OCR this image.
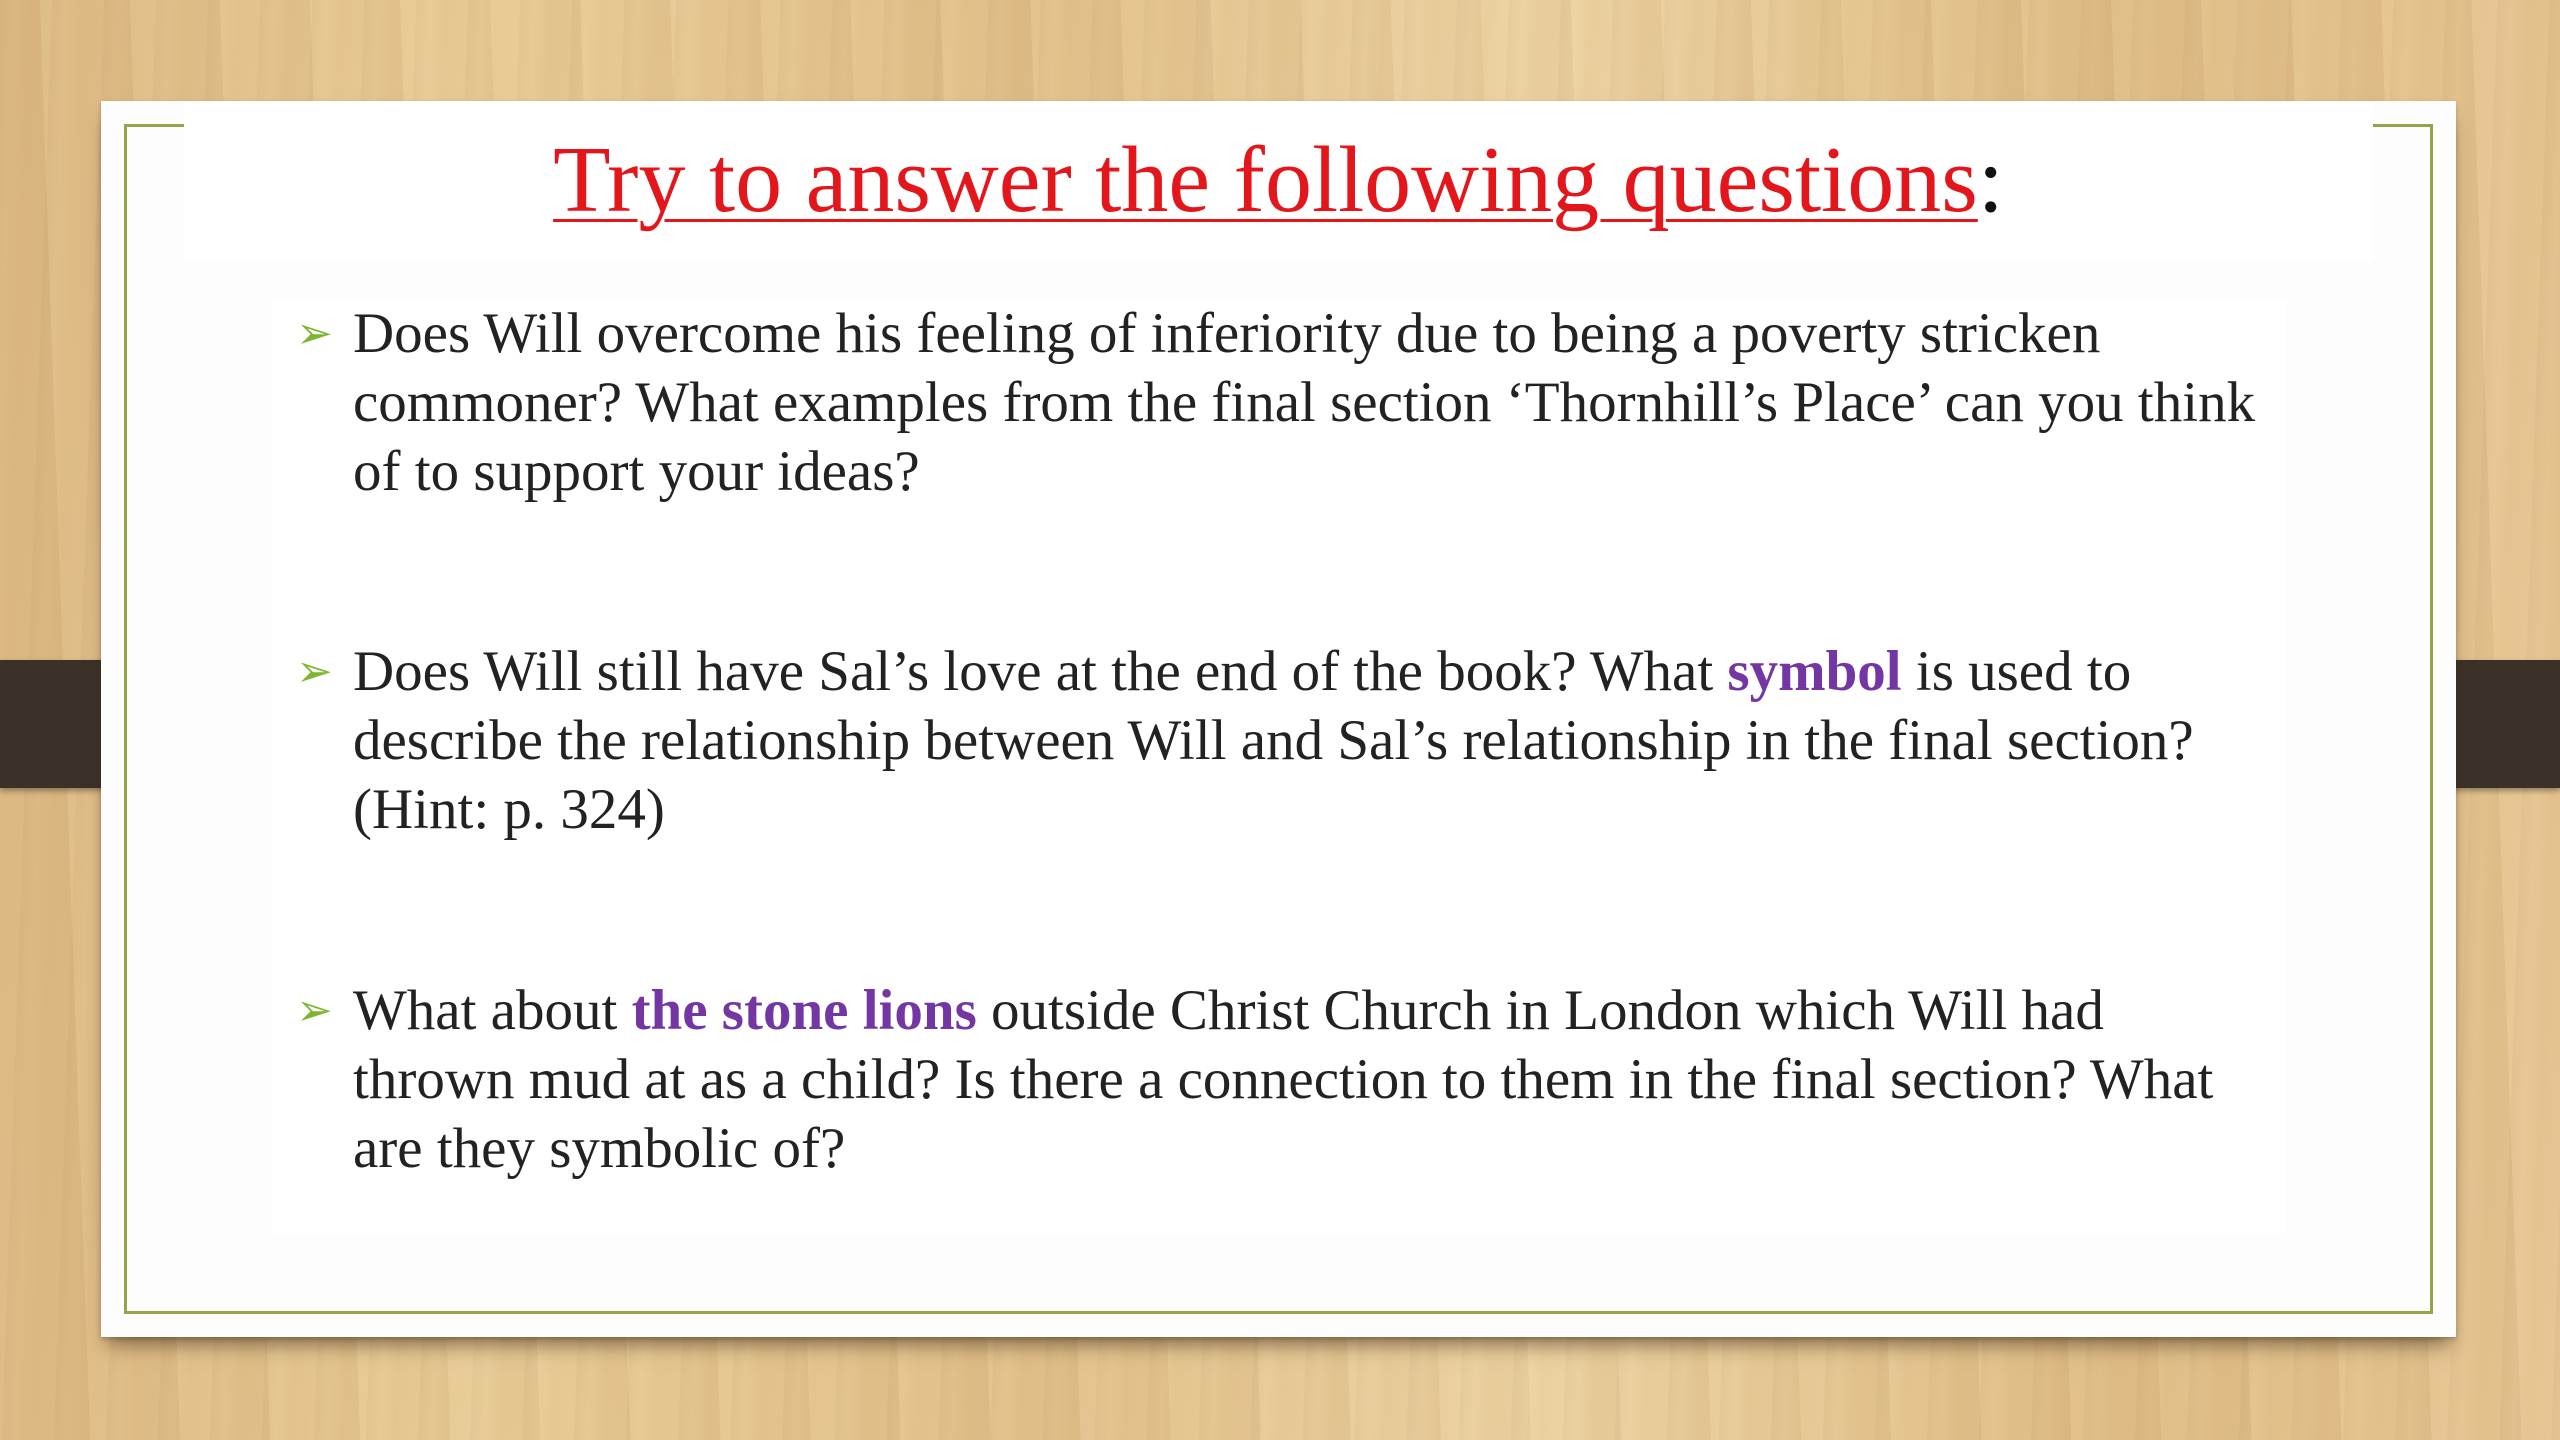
Try to answer the following questions:
➢ Does Will overcome his feeling of inferiority due to being a poverty stricken commoner? What examples from the final section ‘Thornhill’s Place’ can you think of to support your ideas?
➢ Does Will still have Sal’s love at the end of the book? What symbol is used to describe the relationship between Will and Sal’s relationship in the final section? (Hint: p. 324)
➢ What about the stone lions outside Christ Church in London which Will had thrown mud at as a child? Is there a connection to them in the final section? What are they symbolic of?
